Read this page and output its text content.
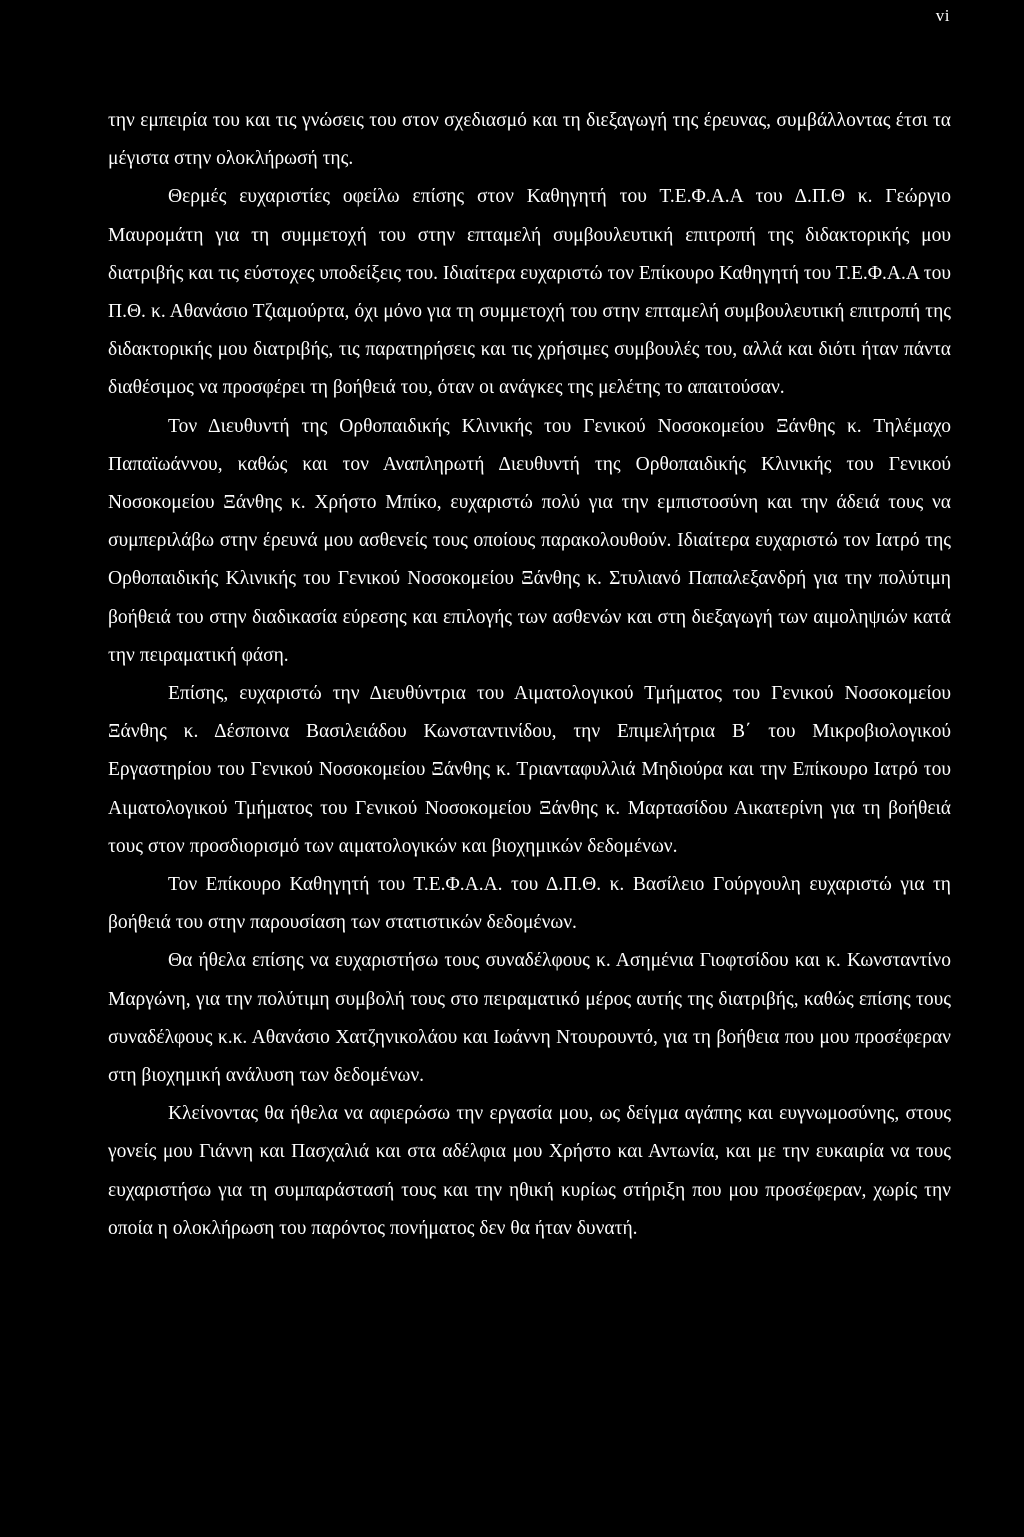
vi

την εμπειρία του και τις γνώσεις του στον σχεδιασμό και τη διεξαγωγή της έρευνας, συμβάλλοντας έτσι τα μέγιστα στην ολοκλήρωσή της.

Θερμές ευχαριστίες οφείλω επίσης στον Καθηγητή του Τ.Ε.Φ.Α.Α του Δ.Π.Θ κ. Γεώργιο Μαυρομάτη για τη συμμετοχή του στην επταμελή συμβουλευτική επιτροπή της διδακτορικής μου διατριβής και τις εύστοχες υποδείξεις του. Ιδιαίτερα ευχαριστώ τον Επίκουρο Καθηγητή του Τ.Ε.Φ.Α.Α του Π.Θ. κ. Αθανάσιο Τζιαμούρτα, όχι μόνο για τη συμμετοχή του στην επταμελή συμβουλευτική επιτροπή της διδακτορικής μου διατριβής, τις παρατηρήσεις και τις χρήσιμες συμβουλές του, αλλά και διότι ήταν πάντα διαθέσιμος να προσφέρει τη βοήθειά του, όταν οι ανάγκες της μελέτης το απαιτούσαν.

Τον Διευθυντή της Ορθοπαιδικής Κλινικής του Γενικού Νοσοκομείου Ξάνθης κ. Τηλέμαχο Παπαϊωάννου, καθώς και τον Αναπληρωτή Διευθυντή της Ορθοπαιδικής Κλινικής του Γενικού Νοσοκομείου Ξάνθης κ. Χρήστο Μπίκο, ευχαριστώ πολύ για την εμπιστοσύνη και την άδειά τους να συμπεριλάβω στην έρευνά μου ασθενείς τους οποίους παρακολουθούν. Ιδιαίτερα ευχαριστώ τον Ιατρό της Ορθοπαιδικής Κλινικής του Γενικού Νοσοκομείου Ξάνθης κ. Στυλιανό Παπαλεξανδρή για την πολύτιμη βοήθειά του στην διαδικασία εύρεσης και επιλογής των ασθενών και στη διεξαγωγή των αιμοληψιών κατά την πειραματική φάση.

Επίσης, ευχαριστώ την Διευθύντρια του Αιματολογικού Τμήματος του Γενικού Νοσοκομείου Ξάνθης κ. Δέσποινα Βασιλειάδου Κωνσταντινίδου, την Επιμελήτρια Β΄ του Μικροβιολογικού Εργαστηρίου του Γενικού Νοσοκομείου Ξάνθης κ. Τριανταφυλλιά Μηδιούρα και την Επίκουρο Ιατρό του Αιματολογικού Τμήματος του Γενικού Νοσοκομείου Ξάνθης κ. Μαρτασίδου Αικατερίνη για τη βοήθειά τους στον προσδιορισμό των αιματολογικών και βιοχημικών δεδομένων.

Τον Επίκουρο Καθηγητή του Τ.Ε.Φ.Α.Α. του Δ.Π.Θ. κ. Βασίλειο Γούργουλη ευχαριστώ για τη βοήθειά του στην παρουσίαση των στατιστικών δεδομένων.

Θα ήθελα επίσης να ευχαριστήσω τους συναδέλφους κ. Ασημένια Γιοφτσίδου και κ. Κωνσταντίνο Μαργώνη, για την πολύτιμη συμβολή τους στο πειραματικό μέρος αυτής της διατριβής, καθώς επίσης τους συναδέλφους κ.κ. Αθανάσιο Χατζηνικολάου και Ιωάννη Ντουρουντό, για τη βοήθεια που μου προσέφεραν στη βιοχημική ανάλυση των δεδομένων.

Κλείνοντας θα ήθελα να αφιερώσω την εργασία μου, ως δείγμα αγάπης και ευγνωμοσύνης, στους γονείς μου Γιάννη και Πασχαλιά και στα αδέλφια μου Χρήστο και Αντωνία, και με την ευκαιρία να τους ευχαριστήσω για τη συμπαράστασή τους και την ηθική κυρίως στήριξη που μου προσέφεραν, χωρίς την οποία η ολοκλήρωση του παρόντος πονήματος δεν θα ήταν δυνατή.
